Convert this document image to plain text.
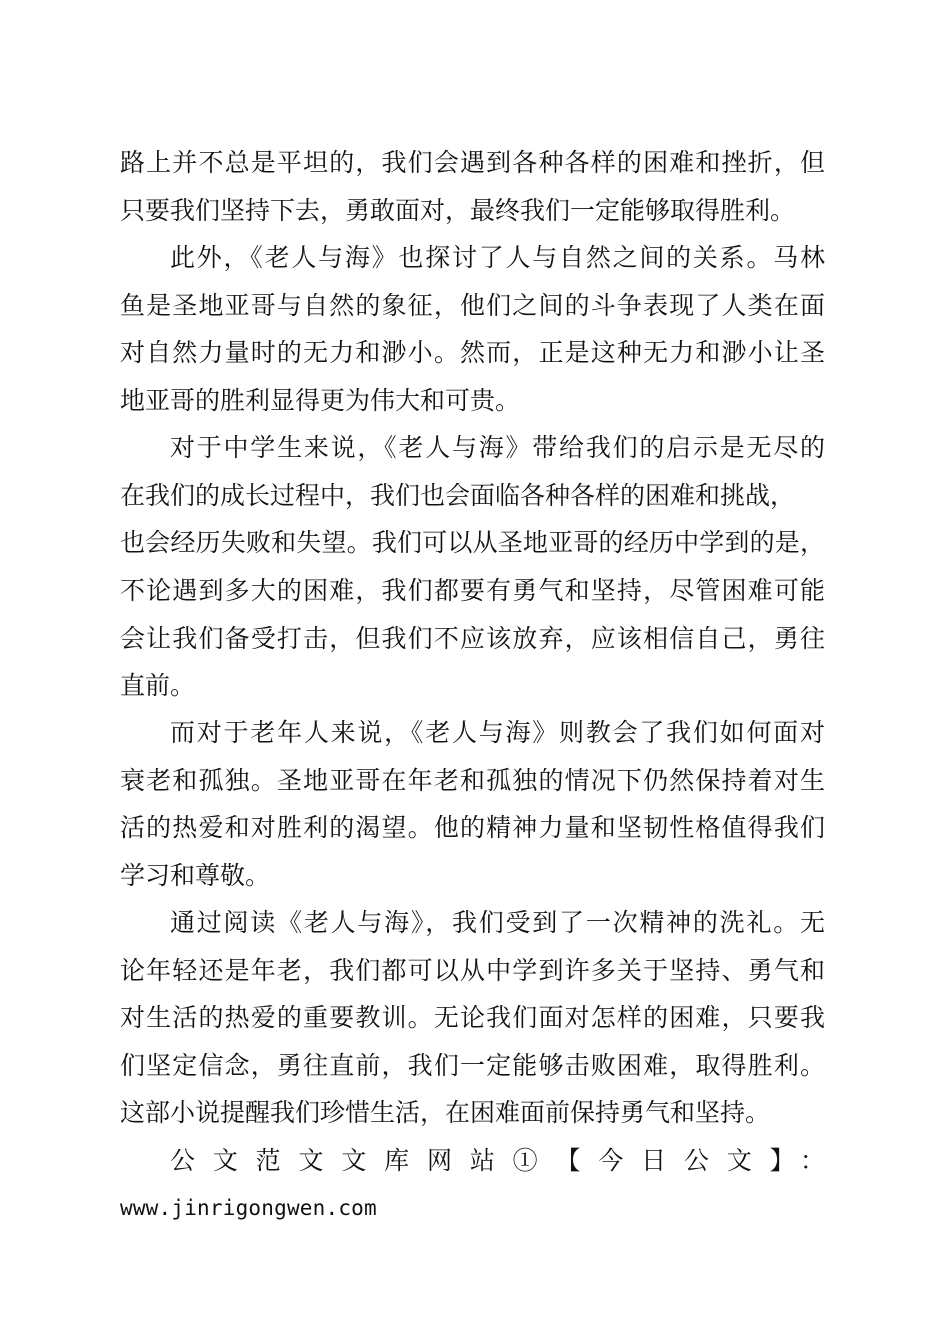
路上并不总是平坦的，我们会遇到各种各样的困难和挫折，但
只要我们坚持下去，勇敢面对，最终我们一定能够取得胜利。
此外，《老人与海》也探讨了人与自然之间的关系。马林
鱼是圣地亚哥与自然的象征，他们之间的斗争表现了人类在面
对自然力量时的无力和渺小。然而，正是这种无力和渺小让圣
地亚哥的胜利显得更为伟大和可贵。
对于中学生来说，《老人与海》带给我们的启示是无尽的
在我们的成长过程中，我们也会面临各种各样的困难和挑战，
也会经历失败和失望。我们可以从圣地亚哥的经历中学到的是，
不论遇到多大的困难，我们都要有勇气和坚持，尽管困难可能
会让我们备受打击，但我们不应该放弃，应该相信自己，勇往
直前。
而对于老年人来说，《老人与海》则教会了我们如何面对
衰老和孤独。圣地亚哥在年老和孤独的情况下仍然保持着对生
活的热爱和对胜利的渴望。他的精神力量和坚韧性格值得我们
学习和尊敬。
通过阅读《老人与海》，我们受到了一次精神的洗礼。无
论年轻还是年老，我们都可以从中学到许多关于坚持、勇气和
对生活的热爱的重要教训。无论我们面对怎样的困难，只要我
们坚定信念，勇往直前，我们一定能够击败困难，取得胜利。
这部小说提醒我们珍惜生活，在困难面前保持勇气和坚持。
公文范文文库网站①【今日公文】：
www.jinrigongwen.com
